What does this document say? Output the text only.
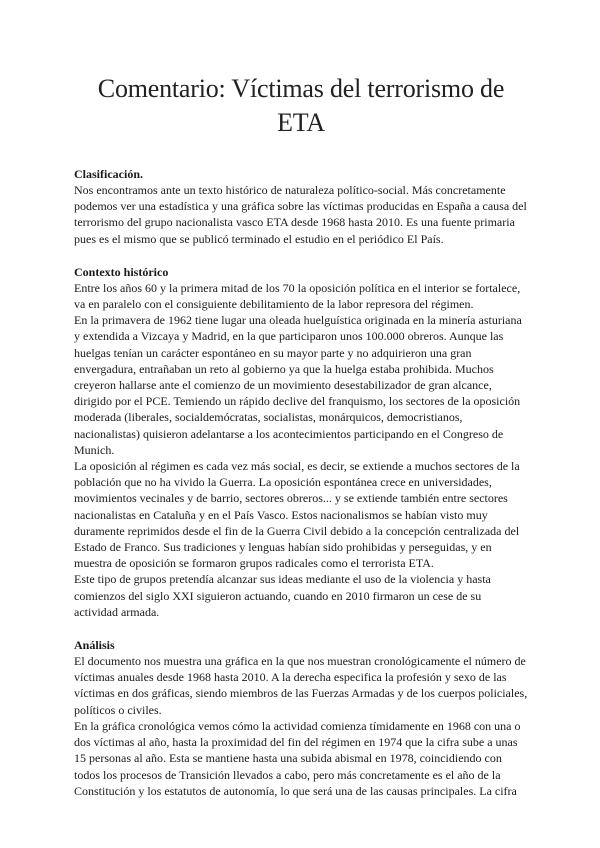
Comentario: Víctimas del terrorismo de ETA

Clasificación.

Nos encontramos ante un texto histórico de naturaleza político-social. Más concretamente podemos ver una estadística y una gráfica sobre las víctimas producidas en España a causa del terrorismo del grupo nacionalista vasco ETA desde 1968 hasta 2010. Es una fuente primaria pues es el mismo que se publicó terminado el estudio en el periódico El País.

Contexto histórico

Entre los años 60 y la primera mitad de los 70 la oposición política en el interior se fortalece, va en paralelo con el consiguiente debilitamiento de la labor represora del régimen.

En la primavera de 1962 tiene lugar una oleada huelguística originada en la minería asturiana y extendida a Vizcaya y Madrid, en la que participaron unos 100.000 obreros. Aunque las huelgas tenían un carácter espontáneo en su mayor parte y no adquirieron una gran envergadura, entrañaban un reto al gobierno ya que la huelga estaba prohibida. Muchos creyeron hallarse ante el comienzo de un movimiento desestabilizador de gran alcance, dirigido por el PCE. Temiendo un rápido declive del franquismo, los sectores de la oposición moderada (liberales, socialdemócratas, socialistas, monárquicos, democristianos, nacionalistas) quisieron adelantarse a los acontecimientos participando en el Congreso de Munich.

La oposición al régimen es cada vez más social, es decir, se extiende a muchos sectores de la población que no ha vivido la Guerra. La oposición espontánea crece en universidades, movimientos vecinales y de barrio, sectores obreros... y se extiende también entre sectores nacionalistas en Cataluña y en el País Vasco. Estos nacionalismos se habían visto muy duramente reprimidos desde el fin de la Guerra Civil debido a la concepción centralizada del Estado de Franco. Sus tradiciones y lenguas habían sido prohibidas y perseguidas, y en muestra de oposición se formaron grupos radicales como el terrorista ETA.

Este tipo de grupos pretendía alcanzar sus ideas mediante el uso de la violencia y hasta comienzos del siglo XXI siguieron actuando, cuando en 2010 firmaron un cese de su actividad armada.

Análisis

El documento nos muestra una gráfica en la que nos muestran cronológicamente el número de víctimas anuales desde 1968 hasta 2010. A la derecha especifica la profesión y sexo de las víctimas en dos gráficas, siendo miembros de las Fuerzas Armadas y de los cuerpos policiales, políticos o civiles.

En la gráfica cronológica vemos cómo la actividad comienza tímidamente en 1968 con una o dos víctimas al año, hasta la proximidad del fin del régimen en 1974 que la cifra sube a unas 15 personas al año. Esta se mantiene hasta una subida abismal en 1978, coincidiendo con todos los procesos de Transición llevados a cabo, pero más concretamente es el año de la Constitución y los estatutos de autonomía, lo que será una de las causas principales. La cifra
